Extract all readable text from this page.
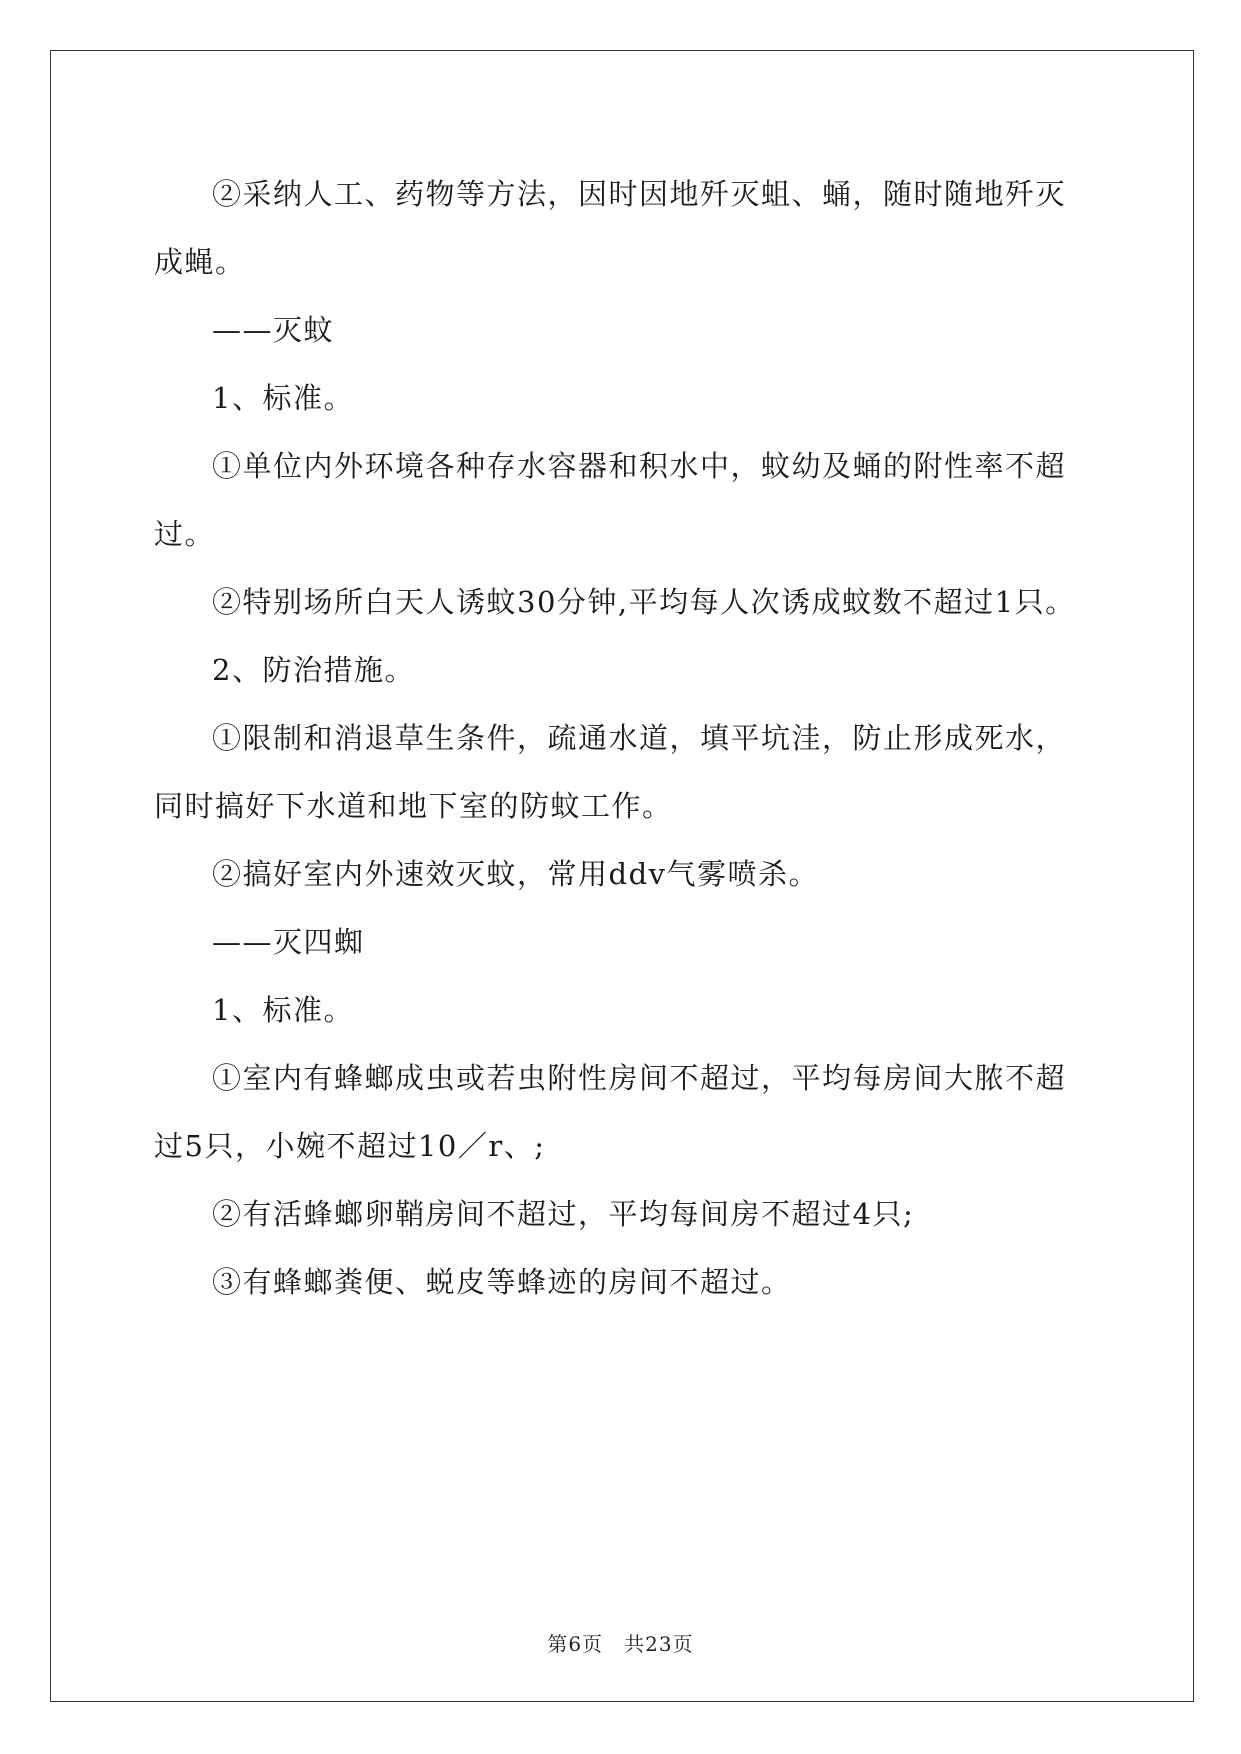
②采纳人工、药物等方法，因时因地歼灭蛆、蛹，随时随地歼灭

成蝇。

——灭蚊

1、标准。

①单位内外环境各种存水容器和积水中，蚊幼及蛹的附性率不超

过。

②特别场所白天人诱蚊30分钟,平均每人次诱成蚊数不超过1只。

2、防治措施。

①限制和消退草生条件，疏通水道，填平坑洼，防止形成死水，

同时搞好下水道和地下室的防蚊工作。

②搞好室内外速效灭蚊，常用ddv气雾喷杀。

——灭四蜘

1、标准。

①室内有蜂螂成虫或若虫附性房间不超过，平均每房间大脓不超

过5只，小婉不超过10／r、;

②有活蜂螂卵鞘房间不超过，平均每间房不超过4只;

③有蜂螂粪便、蜕皮等蜂迹的房间不超过。

第6页　共23页
